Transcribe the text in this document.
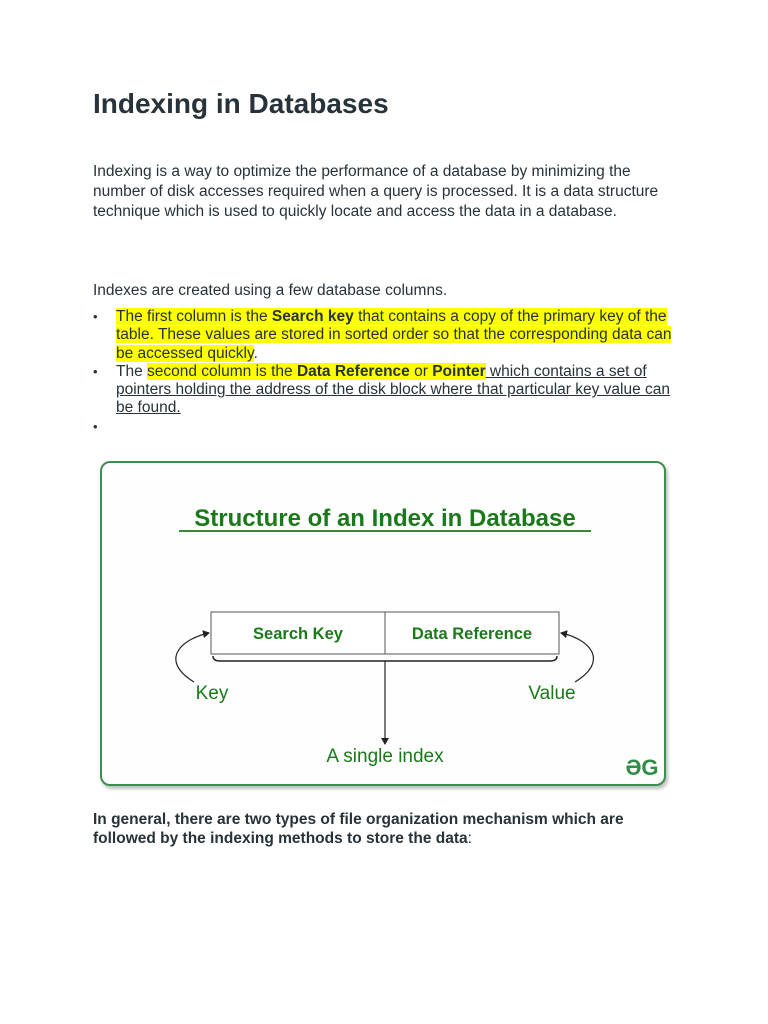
Indexing in Databases

Indexing is a way to optimize the performance of a database by minimizing the number of disk accesses required when a query is processed. It is a data structure technique which is used to quickly locate and access the data in a database.

Indexes are created using a few database columns.

• The first column is the Search key that contains a copy of the primary key of the table. These values are stored in sorted order so that the corresponding data can be accessed quickly.
• The second column is the Data Reference or Pointer which contains a set of pointers holding the address of the disk block where that particular key value can be found.
•
Structure of an Index in Database
Search Key	Data Reference
Key	Value
A single index	ƏG

In general, there are two types of file organization mechanism which are followed by the indexing methods to store the data:
